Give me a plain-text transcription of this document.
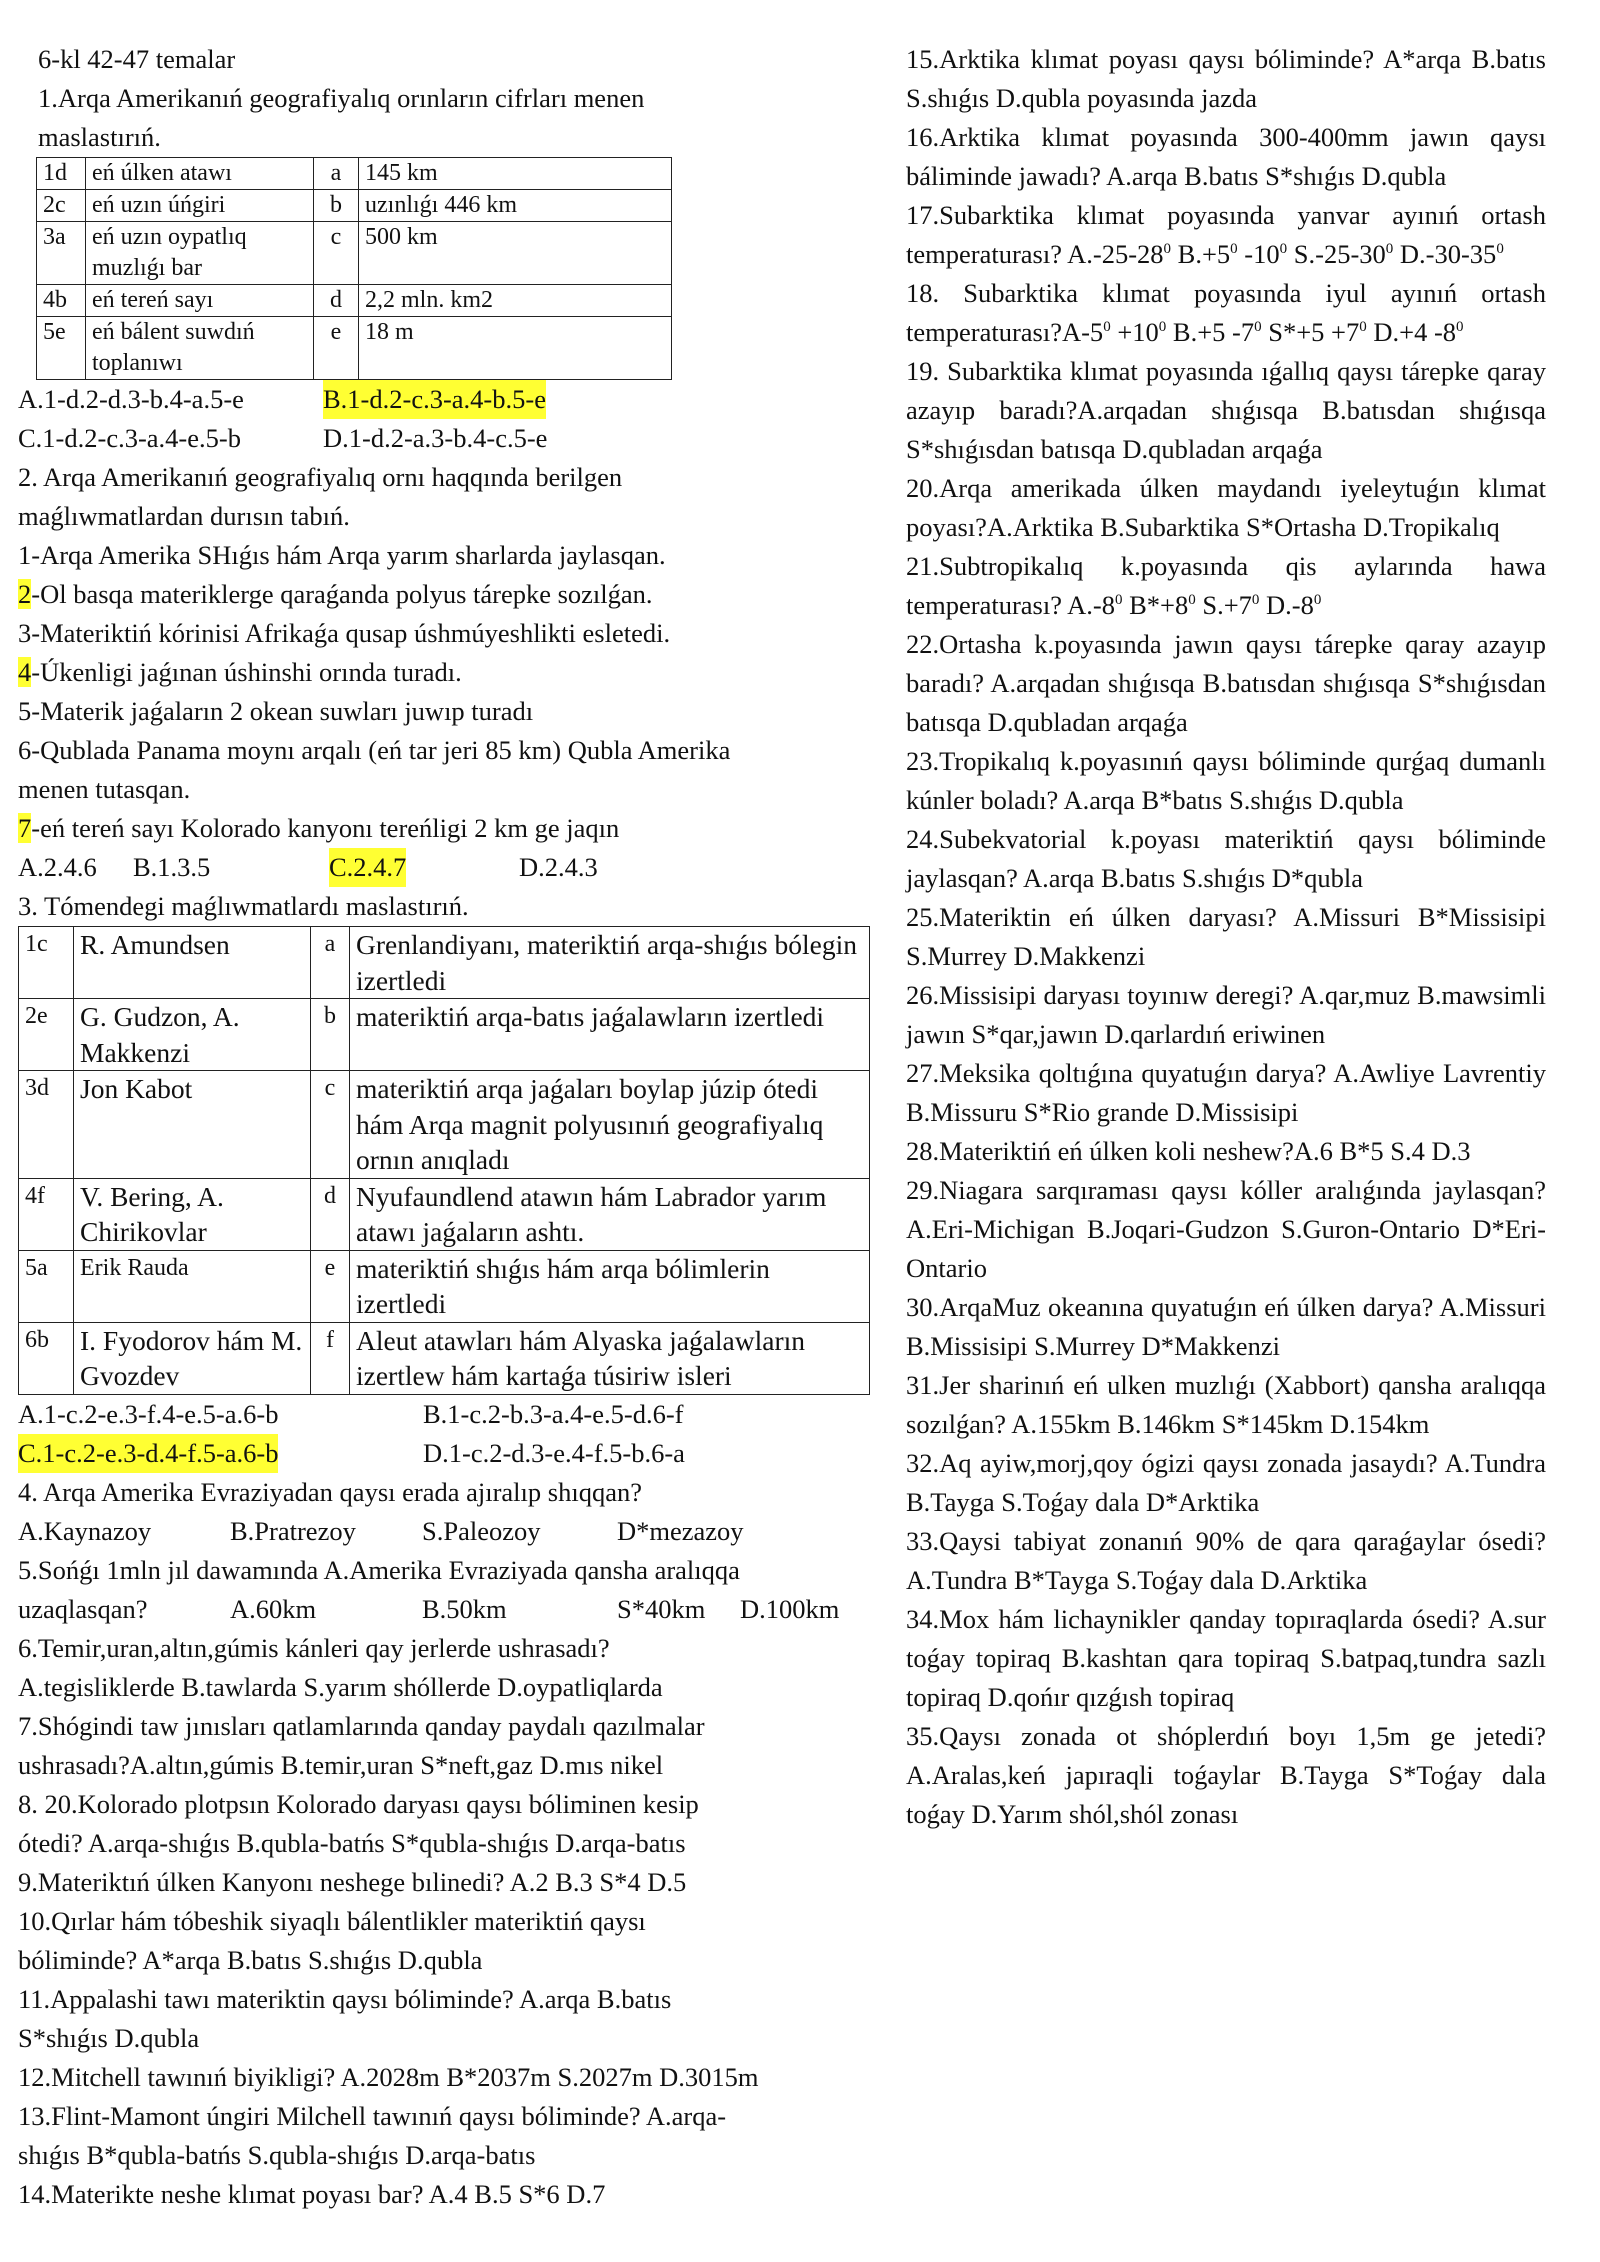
6-kl 42-47 temalar

1.Arqa Amerikanıń geografiyalıq orınların cifrları menen

maslastırıń.

1d	eń úlken atawı	a	145 km
2c	eń uzın úńgiri	b	uzınlıǵı 446 km
3a	eń uzın oypatlıq muzlıǵı bar	c	500 km
4b	eń tereń sayı	d	2,2 mln. km2
5e	eń bálent suwdıń toplanıwı	e	18 m
A.1-d.2-d.3-b.4-a.5-e	B.1-d.2-c.3-a.4-b.5-e
C.1-d.2-c.3-a.4-e.5-b	D.1-d.2-a.3-b.4-c.5-e

2. Arqa Amerikanıń geografiyalıq ornı haqqında berilgen

maǵlıwmatlardan durısın tabıń.

1-Arqa Amerika SHıǵıs hám Arqa yarım sharlarda jaylasqan.

2-Ol basqa materiklerge qaraǵanda polyus tárepke sozılǵan.

3-Materiktiń kórinisi Afrikaǵa qusap úshmúyeshlikti esletedi.

4-Úkenligi jaǵınan úshinshi orında turadı.

5-Materik jaǵaların 2 okean suwları juwıp turadı

6-Qublada Panama moynı arqalı (eń tar jeri 85 km) Qubla Amerika

menen tutasqan.

7-eń tereń sayı Kolorado kanyonı tereńligi 2 km ge jaqın

A.2.4.6	B.1.3.5	C.2.4.7	D.2.4.3

3. Tómendegi maǵlıwmatlardı maslastırıń.

1c	R. Amundsen	a	Grenlandiyanı, materiktiń arqa-shıǵıs bólegin izertledi
2e	G. Gudzon, A. Makkenzi	b	materiktiń arqa-batıs jaǵalawların izertledi
3d	Jon Kabot	c	materiktiń arqa jaǵaları boylap júzip ótedi hám Arqa magnit polyusınıń geografiyalıq ornın anıqladı
4f	V. Bering, A. Chirikovlar	d	Nyufaundlend atawın hám Labrador yarım atawı jaǵaların ashtı.
5a	Erik Rauda	e	materiktiń shıǵıs hám arqa bólimlerin izertledi
6b	I. Fyodorov hám M. Gvozdev	f	Aleut atawları hám Alyaska jaǵalawların izertlew hám kartaǵa túsiriw isleri
A.1-c.2-e.3-f.4-e.5-a.6-b	B.1-c.2-b.3-a.4-e.5-d.6-f
C.1-c.2-e.3-d.4-f.5-a.6-b	D.1-c.2-d.3-e.4-f.5-b.6-a

4. Arqa Amerika Evraziyadan qaysı erada ajıralıp shıqqan?

A.Kaynazoy	B.Pratrezoy	S.Paleozoy	D*mezazoy

5.Sońǵı 1mln jıl dawamında A.Amerika Evraziyada qansha aralıqqa

uzaqlasqan?	A.60km	B.50km	S*40km	D.100km

6.Temir,uran,altın,gúmis kánleri qay jerlerde ushrasadı?

A.tegisliklerde B.tawlarda S.yarım shóllerde D.oypatliqlarda

7.Shógindi taw jınısları qatlamlarında qanday paydalı qazılmalar

ushrasadı?A.altın,gúmis B.temir,uran S*neft,gaz D.mıs nikel

8. 20.Kolorado plotpsın Kolorado daryası qaysı bóliminen kesip

ótedi? A.arqa-shıǵıs B.qubla-batńs S*qubla-shıǵıs D.arqa-batıs

9.Materiktıń úlken Kanyonı neshege bılinedi? A.2 B.3 S*4 D.5

10.Qırlar hám tóbeshik siyaqlı bálentlikler materiktiń qaysı

bóliminde? A*arqa B.batıs S.shıǵıs D.qubla

11.Appalashi tawı materiktin qaysı bóliminde? A.arqa B.batıs

S*shıǵıs D.qubla

12.Mitchell tawınıń biyikligi? A.2028m B*2037m S.2027m D.3015m

13.Flint-Mamont úngiri Milchell tawınıń qaysı bóliminde? A.arqa-

shıǵıs B*qubla-batńs S.qubla-shıǵıs D.arqa-batıs

14.Materikte neshe klımat poyası bar? A.4 B.5 S*6 D.7

15.Arktika klımat poyası qaysı bóliminde? A*arqa B.batıs S.shıǵıs D.qubla poyasında jazda

16.Arktika klımat poyasında 300-400mm jawın qaysı báliminde jawadı? A.arqa B.batıs S*shıǵıs D.qubla

17.Subarktika klımat poyasında yanvar ayınıń ortash temperaturası? $A.-25-28^0$ $B.+5^0$ $-10^0$ $S.-25-30^0$ $D.-30-35^0$

18. Subarktika klımat poyasında iyul ayınıń ortash $temperaturası?A-5^0 +10^0$ B.+5 $-7^0$ $S*+5 +7^0$ D.+4 $-8^0$

19. Subarktika klımat poyasında ıǵallıq qaysı tárepke qaray azayıp baradı?A.arqadan shıǵısqa B.batısdan shıǵısqa S*shıǵısdan batısqa D.qubladan arqaǵa

20.Arqa amerikada úlken maydandı iyeleytuǵın klımat poyası?A.Arktika B.Subarktika S*Ortasha D.Tropikalıq

21.Subtropikalıq k.poyasında qis aylarında hawa temperaturası? $A.-8^0$ $B*+8^0$ $S.+7^0$ $D.-8^0$

22.Ortasha k.poyasında jawın qaysı tárepke qaray azayıp baradı? A.arqadan shıǵısqa B.batısdan shıǵısqa S*shıǵısdan batısqa D.qubladan arqaǵa

23.Tropikalıq k.poyasınıń qaysı bóliminde qurǵaq dumanlı kúnler boladı? A.arqa B*batıs S.shıǵıs D.qubla

24.Subekvatorial k.poyası materiktiń qaysı bóliminde jaylasqan? A.arqa B.batıs S.shıǵıs D*qubla

25.Materiktin eń úlken daryası? A.Missuri B*Missisipi S.Murrey D.Makkenzi

26.Missisipi daryası toyınıw deregi? A.qar,muz B.mawsimli jawın S*qar,jawın D.qarlardıń eriwinen

27.Meksika qoltıǵına quyatuǵın darya? A.Awliye Lavrentiy B.Missuru S*Rio grande D.Missisipi

28.Materiktiń eń úlken koli neshew?A.6 B*5 S.4 D.3

29.Niagara sarqıraması qaysı kóller aralıǵında jaylasqan? A.Eri-Michigan B.Joqari-Gudzon S.Guron-Ontario D*Eri-Ontario

30.ArqaMuz okeanına quyatuǵın eń úlken darya? A.Missuri B.Missisipi S.Murrey D*Makkenzi

31.Jer sharinıń eń ulken muzlıǵı (Xabbort) qansha aralıqqa sozılǵan? A.155km B.146km S*145km D.154km

32.Aq ayiw,morj,qoy ógizi qaysı zonada jasaydı? A.Tundra B.Tayga S.Toǵay dala D*Arktika

33.Qaysi tabiyat zonanıń 90% de qara qaraǵaylar ósedi? A.Tundra B*Tayga S.Toǵay dala D.Arktika

34.Mox hám lichaynikler qanday topıraqlarda ósedi? A.sur toǵay topiraq B.kashtan qara topiraq S.batpaq,tundra sazlı topiraq D.qońır qızǵısh topiraq

35.Qaysı zonada ot shóplerdıń boyı 1,5m ge jetedi? A.Aralas,keń japıraqli toǵaylar B.Tayga S*Toǵay dala toǵay D.Yarım shól,shól zonası
